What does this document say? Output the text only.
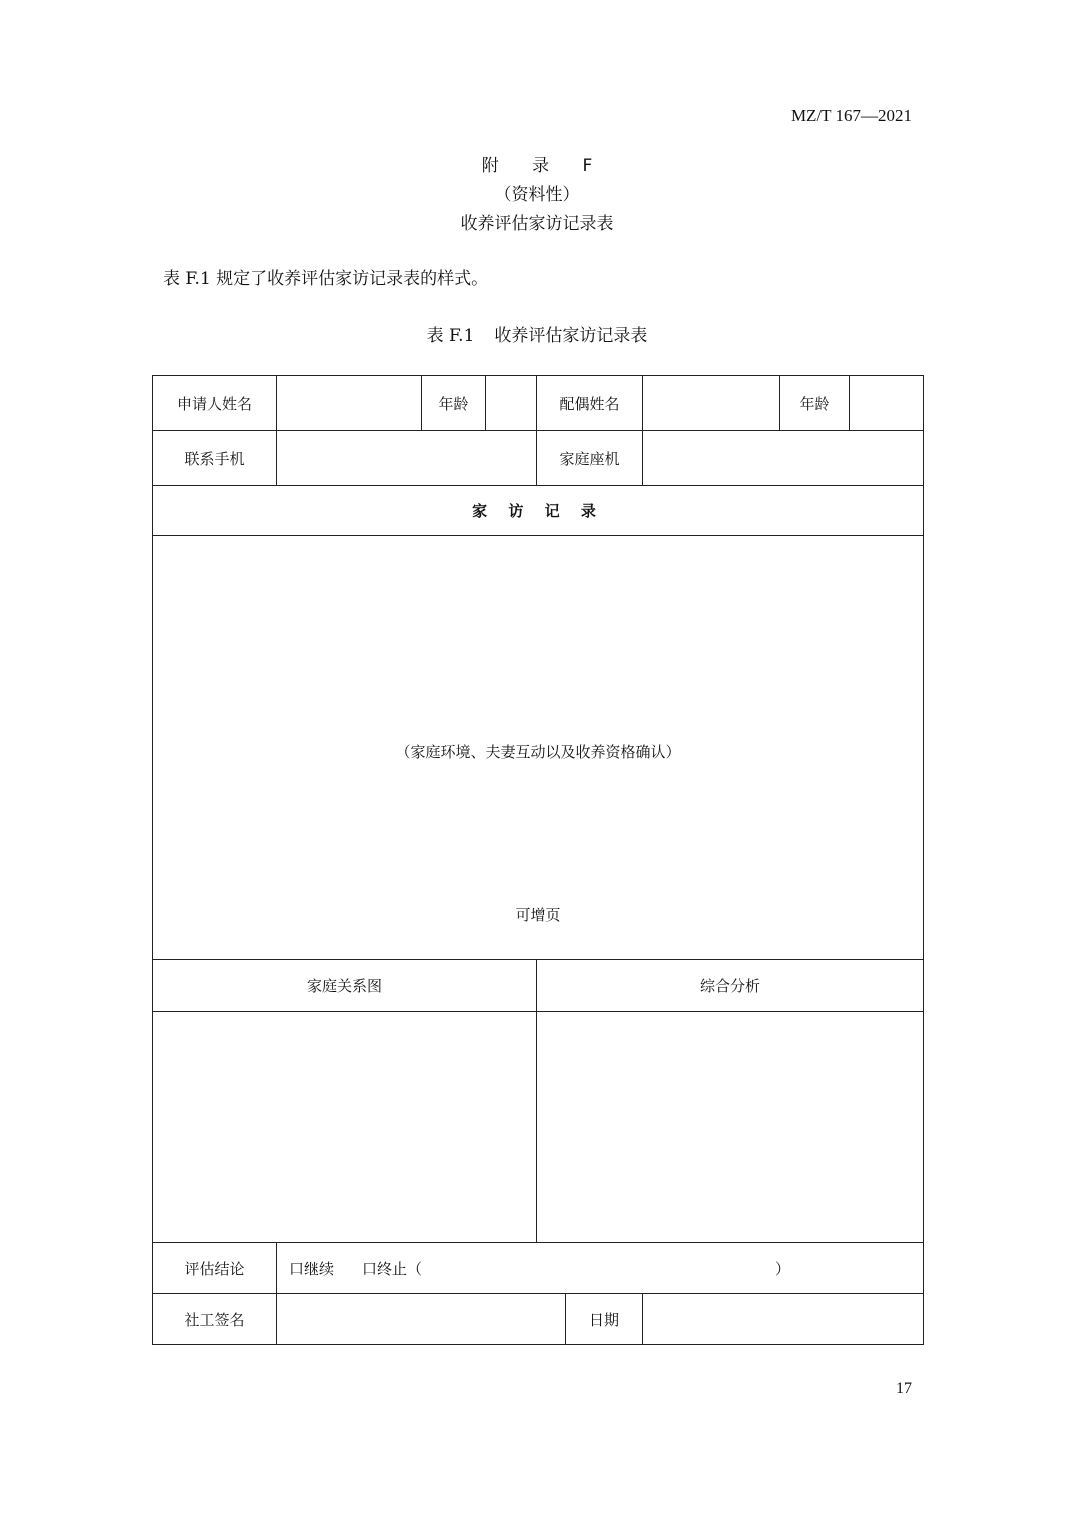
MZ/T 167—2021
附 录 F
（资料性）
收养评估家访记录表
表 F.1 规定了收养评估家访记录表的样式。
表 F.1 收养评估家访记录表
申请人姓名		年龄		配偶姓名			年龄	
联系手机				家庭座机				
家 访 记 录								

（家庭环境、夫妻互动以及收养资格确认）
可增页								

家庭关系图				综合分析				

评估结论	口继续 口终止（ ）							

社工签名					日期			
17
